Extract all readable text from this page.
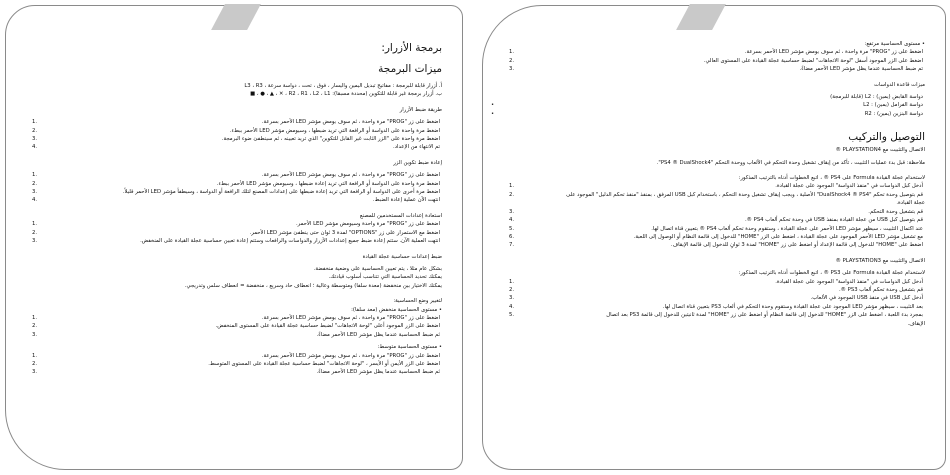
برمجة الأزرار:
ميزات البرمجة
أ. أزرار قابلة للبرمجة : مفاتيح تبديل اليمين واليسار ، فوق ، تحت ، دواسة سرعة ، L3 ، R3
ب. أزرار برمجة غير قابلة للتكوين (محددة مسبقا): R2 ، R1 ، L2 ، L1 ، ✕ ، ▲ ، ● ، ■
طريقة ضبط الأزرار
1.	اضغط على زر "PROG" مرة واحدة ، ثم سوف يومض مؤشر LED الأحمر بسرعة.
2.	اضغط مرة واحدة على الدواسة أو الرافعة التي تريد ضبطها ، وسيومض مؤشر LED الأحمر ببطء.
3.	اضغط مرة واحدة على "الزر الثابت غير القابل للتكوين" الذي تريد تعيينه ، ثم سينطفئ ضوء البرمجة.
4.	تم الانتهاء من الإعداد.
إعادة ضبط تكوين الزر
1.	اضغط على زر "PROG" مرة واحدة ، ثم سوف يومض مؤشر LED الأحمر بسرعة.
2.	اضغط مرة واحدة على الدواسة أو الرافعة التي تريد إعادة ضبطها ، وسيومض مؤشر LED الأحمر ببطء.
3.	اضغط مرة أخرى على الدواسة أو الرافعة التي تريد إعادة ضبطها على إعدادات المصنع لتلك الرافعة أو الدواسة ، وسيطفأ مؤشر LED الأحمر قليلاً.
4.	انتهت الآن عملية إعادة الضبط.
استعادة إعدادات المستخدمين للمصنع
1.	اضغط على زر "PROG" مرة واحدة وسيومض مؤشر LED الأحمر.
2.	اضغط مع الاستمرار على زر "OPTIONS" لمدة 3 ثوان حتى ينطفئ مؤشر LED الأحمر.
3.	انتهت العملية الآن. ستتم إعادة ضبط جميع إعدادات الأزرار والدواسات والرافعات وستتم إعادة تعيين حساسية عجلة القيادة على المنخفض.
ضبط إعدادات حساسية عجلة القيادة
بشكل عام مثلا ، يتم تعيين الحساسية على وضعية منخفضة.
يمكنك تحديد الحساسية التي تتناسب أسلوب قيادتك.
يمكنك الاختيار بين منخفضة (معدة سلفا) ومتوسطة وعالية ؛ انعطاف حاد وسريع ، منخفضة = انعطاف سلس وتدريجي.
لتغيير وضع الحساسية:
• مستوى الحساسية منخفض (معد سلفا):
1.	اضغط على زر "PROG" مرة واحدة ، ثم سوف يومض مؤشر LED الأحمر بسرعة.
2.	اضغط على الزر الموجود أعلى "لوحة الاتجاهات" لضبط حساسية عجلة القيادة على المستوى المنخفض.
3.	ثم ضبط الحساسية عندما يظل مؤشر LED الأحمر مضاءً.
• مستوى الحساسية متوسط:
1.	اضغط على زر "PROG" مرة واحدة ، ثم سوف يومض مؤشر LED الأحمر بسرعة.
2.	اضغط على الزر الأيمن أو الأيسر ، "لوحة الاتجاهات" لضبط حساسية عجلة القيادة على المستوى المتوسط.
3.	ثم ضبط الحساسية عندما يظل مؤشر LED الأحمر مضاءً.
• مستوى الحساسية مرتفع:
1.	اضغط على زر "PROG" مرة واحدة ، ثم سوف يومض مؤشر LED الأحمر بسرعة.
2.	اضغط على الزر الموجود أسفل "لوحة الاتجاهات" لضبط حساسية عجلة القيادة على المستوى العالي.
3.	تم ضبط الحساسية عندما يظل مؤشر LED الأحمر مضاءً.
ميزات قاعدة الدواسات
دواسة القابض (يمين) : L2 (قابلة للبرمجة)
•	دواسة الفرامل (يمين) : L2
•	دواسة البنزين (يمين) : R2
التوصيل والتركيب
الاتصال والتثبيت مع PLAYSTATION4 ®
ملاحظة: قبل بدء عمليات التثبيت ، تأكد من إيقاف تشغيل وحدة التحكم في الألعاب ووحدة التحكم "PS4 ® DualShock4".
لاستخدام عجلة القيادة Formula على PS4 ® ، اتبع الخطوات أدناه بالترتيب المذكور:
1.	أدخل كبل الدواسات في "منفذ الدواسة" الموجود على عجلة القيادة.
2.	قم بتوصيل وحدة تحكم "DualShock4 ® PS4" الأصلية ، ويجب إيقاف تشغيل وحدة التحكم ، باستخدام كبل USB المرفق ، بمنفذ "منفذ تحكم الدليل" الموجود على
عجلة القيادة.
3.	قم بتشغيل وحدة التحكم.
4.	قم بتوصيل كبل USB من عجلة القيادة بمنفذ USB في وحدة تحكم ألعاب PS4 ®.
5.	عند اكتمال التثبيت ، سيظهر مؤشر LED الأحمر على عجلة القيادة ، وستقوم وحدة تحكم ألعاب PS4 ® بتعيين قناة اتصال لها.
6.	مع تشغيل مؤشر LED الأحمر الموجود على عجلة القيادة ، اضغط على الزر "HOME" للدخول إلى قائمة النظام أو الوصول إلى اللعبة.
7.	اضغط على "HOME" للدخول إلى قائمة الإعداد أو اضغط على زر "HOME" لمدة 3 ثوانٍ للدخول إلى قائمة الإيقاف.
الاتصال والتثبيت مع PLAYSTATION3 ®
لاستخدام عجلة القيادة Formula على PS3 ® ، اتبع الخطوات أدناه بالترتيب المذكور:
1.	أدخل كبل الدواسات في "منفذ الدواسة" الموجود على عجلة القيادة.
2.	قم بتشغيل وحدة تحكم ألعاب PS3 ®.
3.	أدخل كبل USB في منفذ USB الموجود في الألعاب.
4.	بعد التثبيت ، سيظهر مؤشر LED الموجود على عجلة القيادة وستقوم وحدة التحكم في ألعاب PS3 بتعيين قناة اتصال لها.
5.	بمجرد بدء اللعبة ، اضغط على الزر "HOME" للدخول إلى قائمة النظام أو اضغط على زر "HOME" لمدة ثانيتين للدخول إلى قائمة PS3 بعد اتصال
الإيقاف.
